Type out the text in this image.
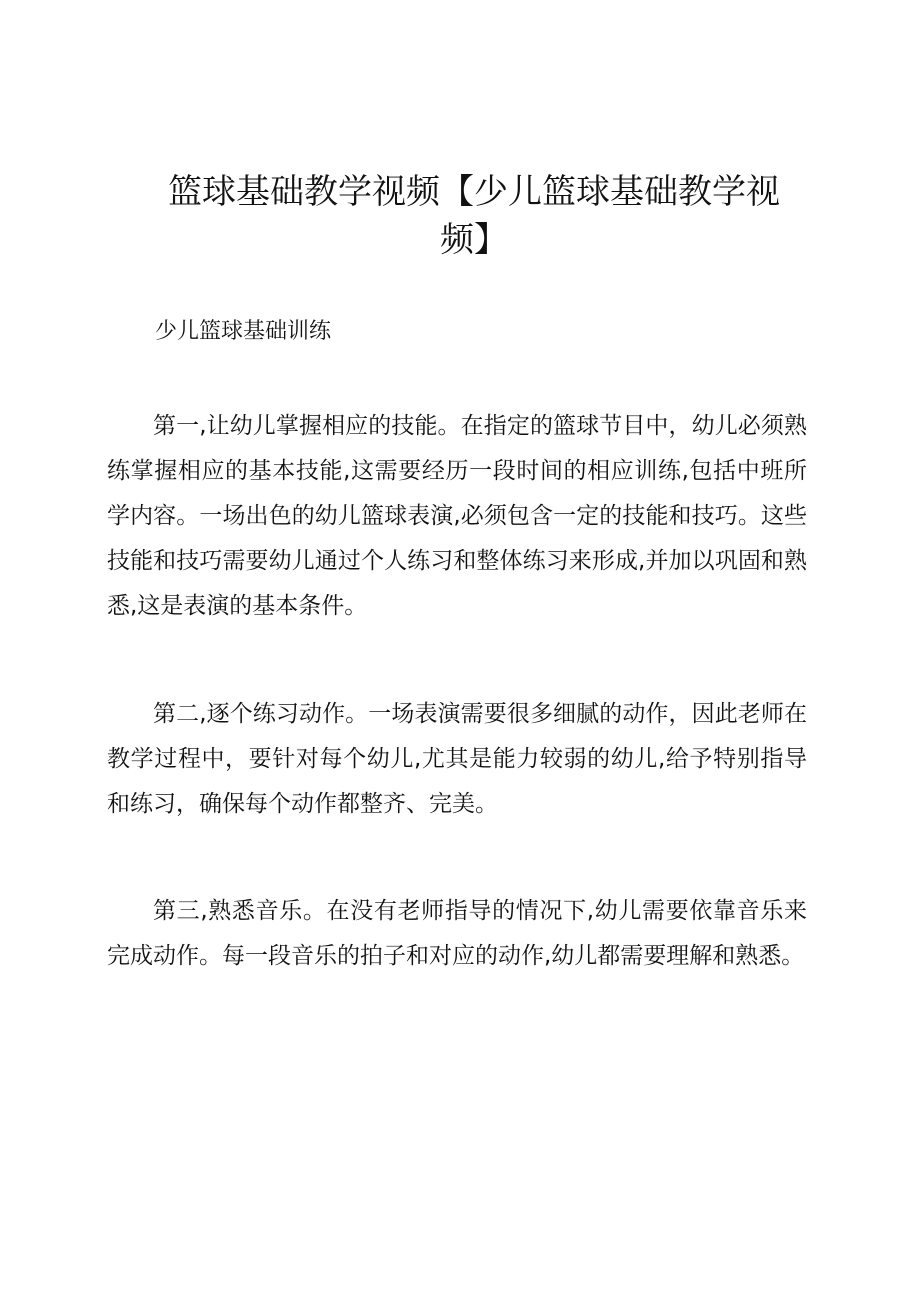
篮球基础教学视频【少儿篮球基础教学视频】

少儿篮球基础训练

第一,让幼儿掌握相应的技能。在指定的篮球节目中，幼儿必须熟练掌握相应的基本技能,这需要经历一段时间的相应训练,包括中班所学内容。一场出色的幼儿篮球表演,必须包含一定的技能和技巧。这些技能和技巧需要幼儿通过个人练习和整体练习来形成,并加以巩固和熟悉,这是表演的基本条件。

第二,逐个练习动作。一场表演需要很多细腻的动作，因此老师在教学过程中，要针对每个幼儿,尤其是能力较弱的幼儿,给予特别指导和练习，确保每个动作都整齐、完美。

第三,熟悉音乐。在没有老师指导的情况下,幼儿需要依靠音乐来完成动作。每一段音乐的拍子和对应的动作,幼儿都需要理解和熟悉。
